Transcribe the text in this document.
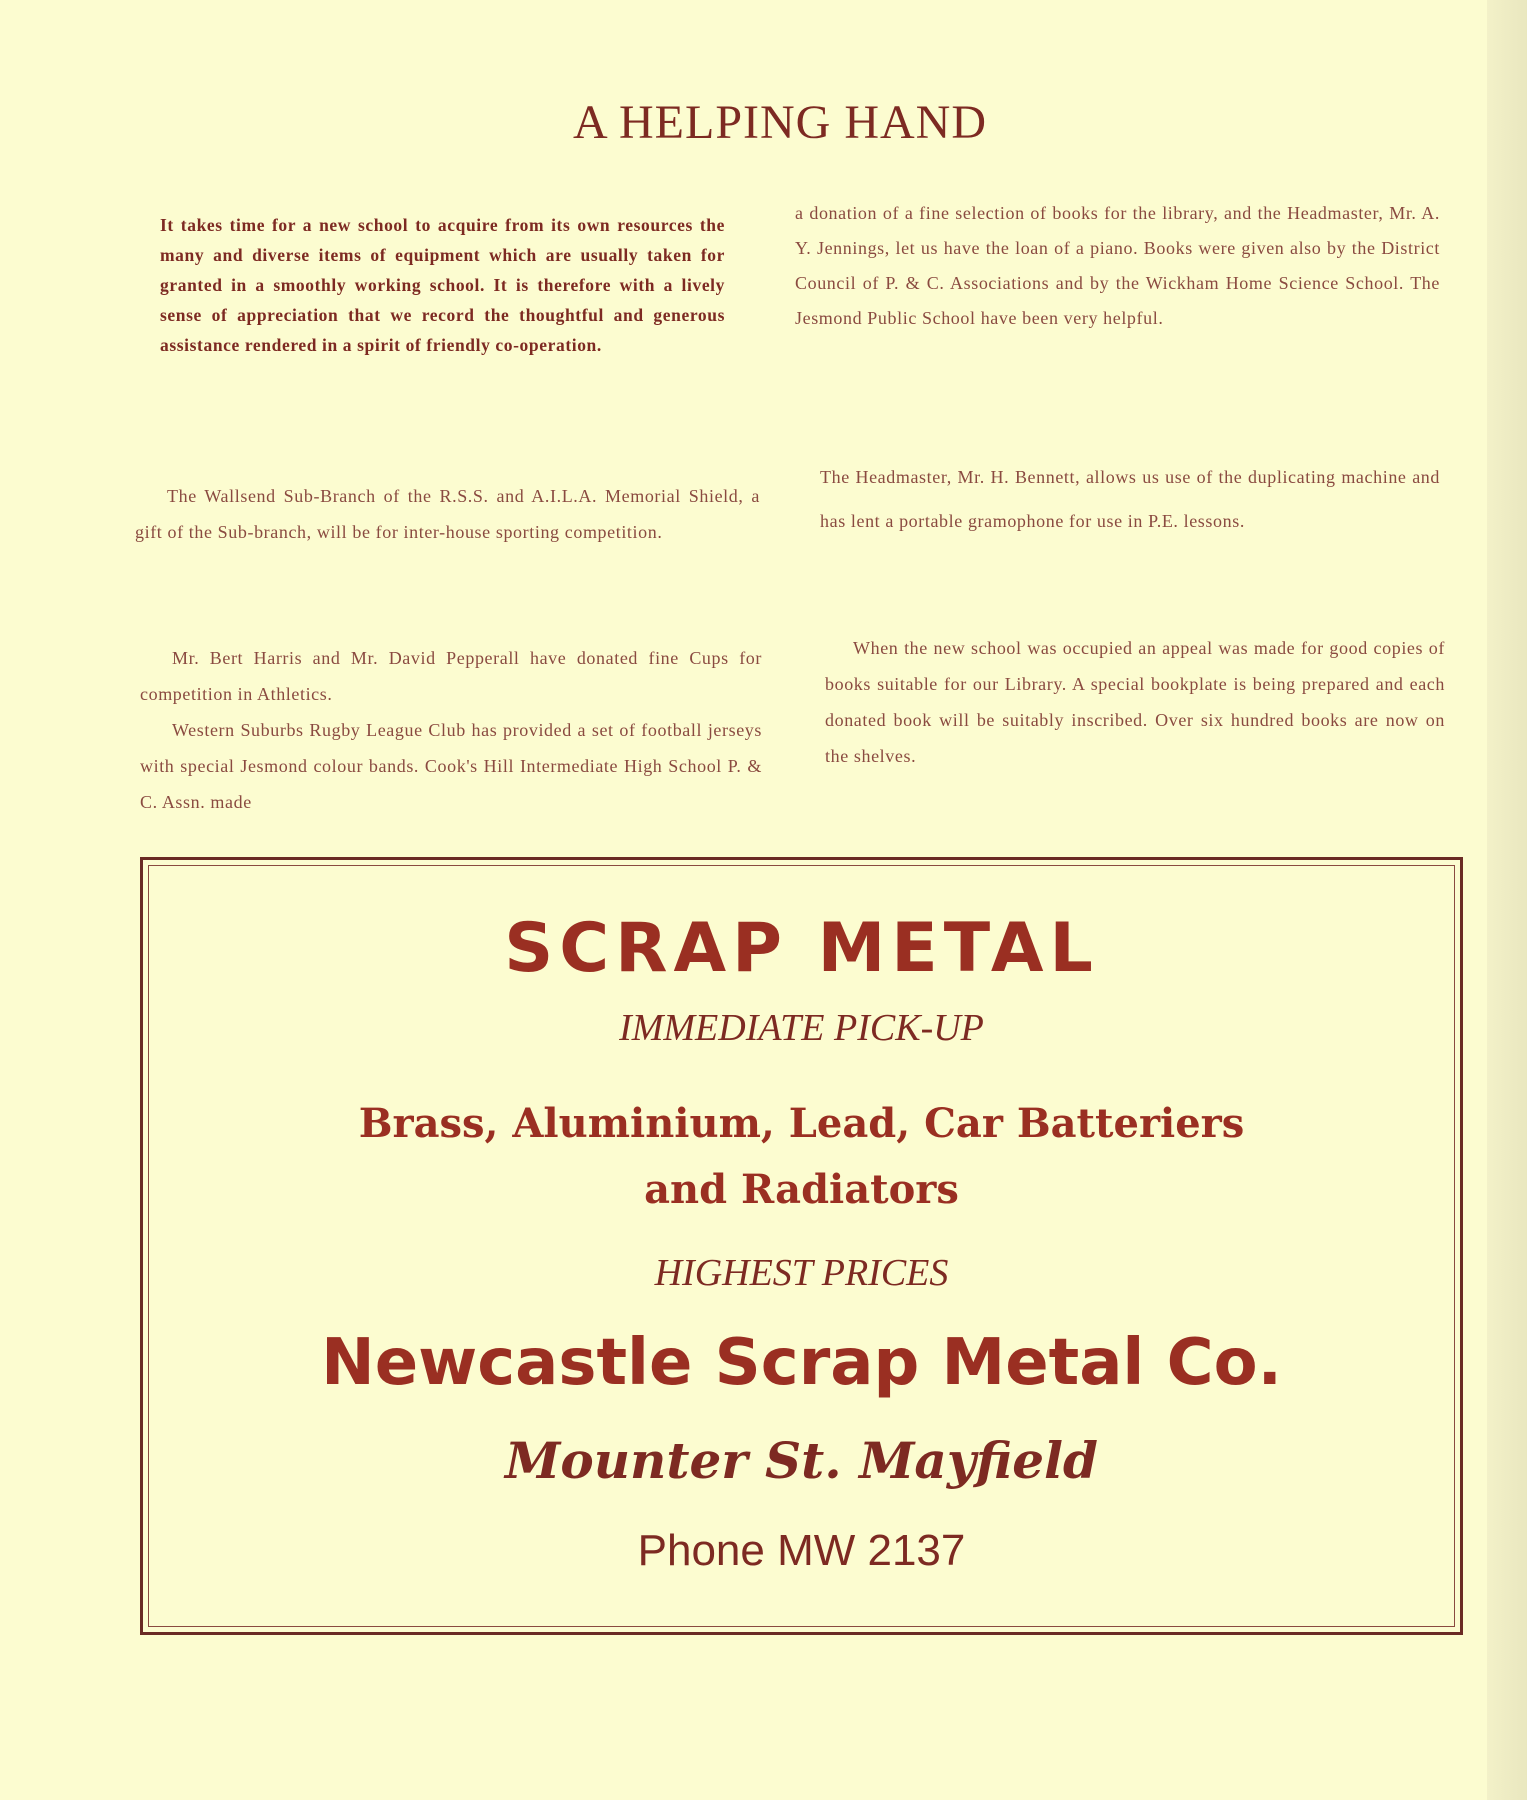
A HELPING HAND

It takes time for a new school to acquire from its own resources the many and diverse items of equipment which are usually taken for granted in a smoothly working school. It is therefore with a lively sense of appreciation that we record the thoughtful and generous assistance rendered in a spirit of friendly co-operation.

The Wallsend Sub-Branch of the R.S.S. and A.I.L.A. Memorial Shield, a gift of the Sub-branch, will be for inter-house sporting competition.

Mr. Bert Harris and Mr. David Pepperall have donated fine Cups for competition in Athletics.

Western Suburbs Rugby League Club has provided a set of football jerseys with special Jesmond colour bands. Cook's Hill Intermediate High School P. & C. Assn. made

a donation of a fine selection of books for the library, and the Headmaster, Mr. A. Y. Jennings, let us have the loan of a piano. Books were given also by the District Council of P. & C. Associations and by the Wickham Home Science School. The Jesmond Public School have been very helpful.

The Headmaster, Mr. H. Bennett, allows us use of the duplicating machine and has lent a portable gramophone for use in P.E. lessons.

When the new school was occupied an appeal was made for good copies of books suitable for our Library. A special bookplate is being prepared and each donated book will be suitably inscribed. Over six hundred books are now on the shelves.

SCRAP METAL
IMMEDIATE PICK-UP
Brass, Aluminium, Lead, Car Batteriers
and Radiators
HIGHEST PRICES
Newcastle Scrap Metal Co.
Mounter St. Mayfield
Phone MW 2137
